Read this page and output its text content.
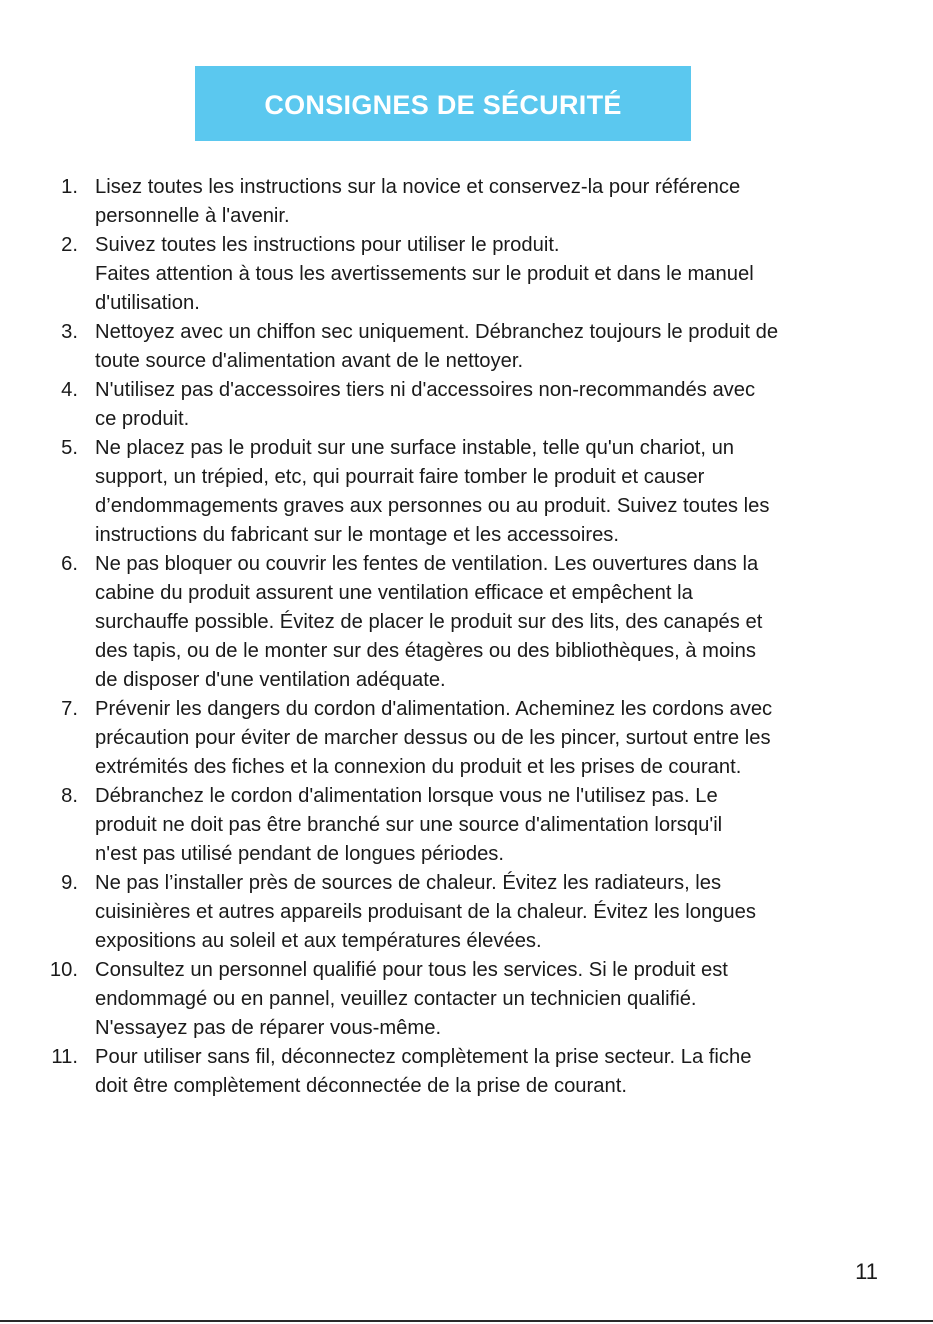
CONSIGNES DE SÉCURITÉ
1. Lisez toutes les instructions sur la novice et conservez-la pour référence
personnelle à l'avenir.
2. Suivez toutes les instructions pour utiliser le produit.
Faites attention à tous les avertissements sur le produit et dans le manuel
d'utilisation.
3. Nettoyez avec un chiffon sec uniquement. Débranchez toujours le produit de
toute source d'alimentation avant de le nettoyer.
4. N'utilisez pas d'accessoires tiers ni d'accessoires non-recommandés avec
ce produit.
5. Ne placez pas le produit sur une surface instable, telle qu'un chariot, un
support, un trépied, etc, qui pourrait faire tomber le produit et causer
d’endommagements graves aux personnes ou au produit. Suivez toutes les
instructions du fabricant sur le montage et les accessoires.
6. Ne pas bloquer ou couvrir les fentes de ventilation. Les ouvertures dans la
cabine du produit assurent une ventilation efficace et empêchent la
surchauffe possible. Évitez de placer le produit sur des lits, des canapés et
des tapis, ou de le monter sur des étagères ou des bibliothèques, à moins
de disposer d'une ventilation adéquate.
7. Prévenir les dangers du cordon d'alimentation. Acheminez les cordons avec
précaution pour éviter de marcher dessus ou de les pincer, surtout entre les
extrémités des fiches et la connexion du produit et les prises de courant.
8. Débranchez le cordon d'alimentation lorsque vous ne l'utilisez pas. Le
produit ne doit pas être branché sur une source d'alimentation lorsqu'il
n'est pas utilisé pendant de longues périodes.
9. Ne pas l’installer près de sources de chaleur. Évitez les radiateurs, les
cuisinières et autres appareils produisant de la chaleur. Évitez les longues
expositions au soleil et aux températures élevées.
10. Consultez un personnel qualifié pour tous les services. Si le produit est
endommagé ou en pannel, veuillez contacter un technicien qualifié.
N'essayez pas de réparer vous-même.
11. Pour utiliser sans fil, déconnectez complètement la prise secteur. La fiche
doit être complètement déconnectée de la prise de courant.
11
